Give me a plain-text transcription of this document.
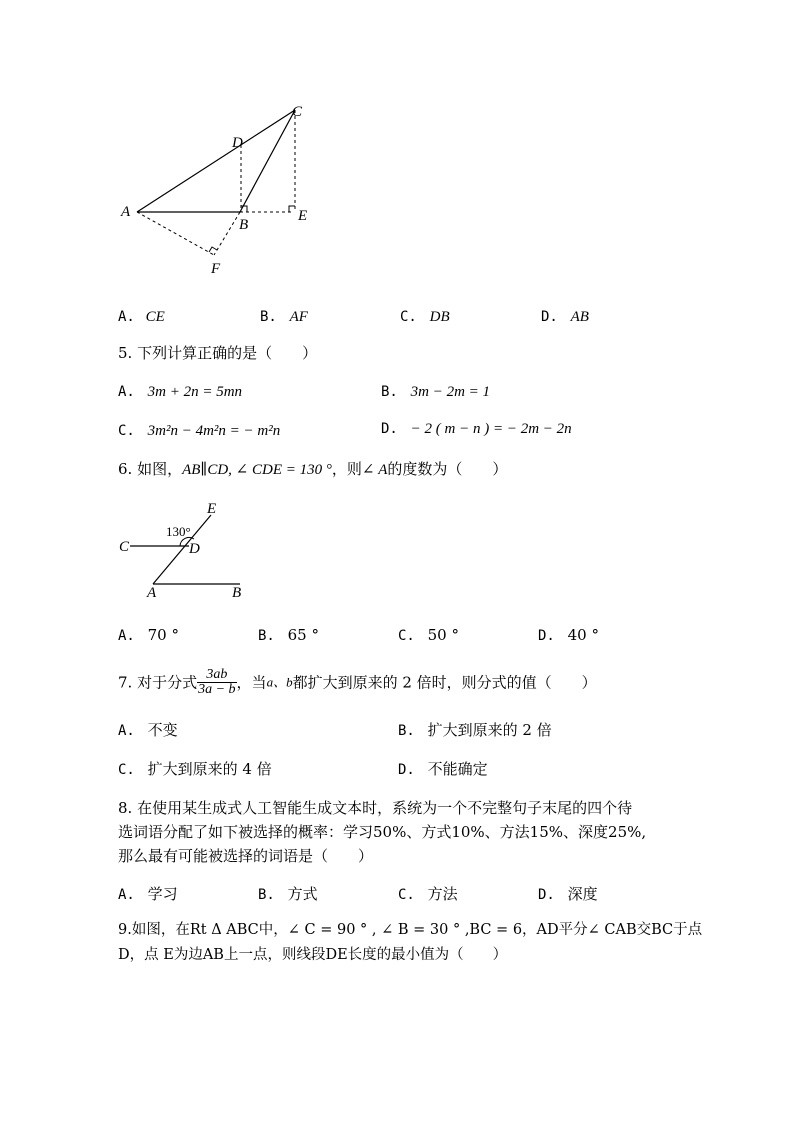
C
D
A
B
E
F
A. CE	B. AF	C. DB	D. AB
5. 下列计算正确的是（　　）
A. 3m + 2n = 5mn	B. 3m − 2m = 1
C. 3m²n − 4m²n = − m²n	D. − 2 ( m − n ) = − 2m − 2n
6. 如图，AB∥CD, ∠ CDE = 130 °，则∠ A的度数为（　　）
C	D
E
A	B
130°
A. 70 °	B. 65 °	C. 50 °	D. 40 °
7. 对于分式 $\frac{3ab}{3a - b}$ ，当a、b都扩大到原来的 2 倍时，则分式的值（　　）
A. 不变	B. 扩大到原来的 2 倍
C. 扩大到原来的 4 倍	D. 不能确定
8. 在使用某生成式人工智能生成文本时，系统为一个不完整句子末尾的四个待
选词语分配了如下被选择的概率：学习50%、方式10%、方法15%、深度25%,
那么最有可能被选择的词语是（　　）
A. 学习	B. 方式	C. 方法	D. 深度
9.如图，在Rt Δ ABC中，∠ C = 90 ° , ∠ B = 30 ° ,BC = 6，AD平分∠ CAB交BC于点
D，点 E为边AB上一点，则线段DE长度的最小值为（　　）
